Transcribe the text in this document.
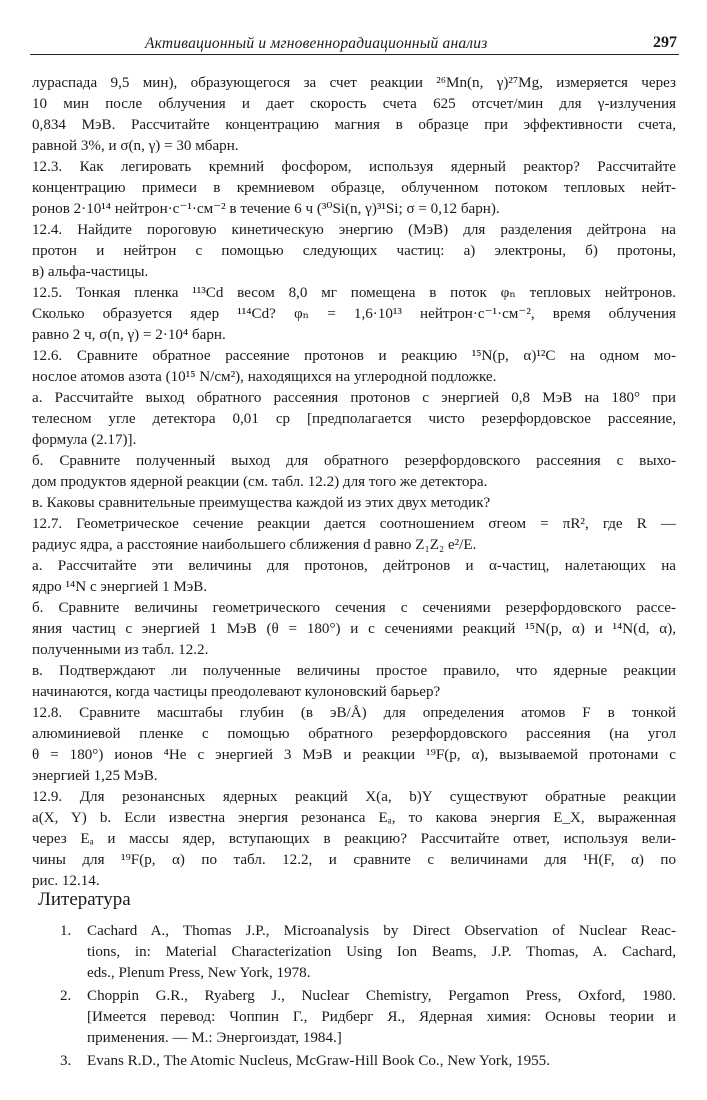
Активационный и мгновеннорадиационный анализ	297
лураспада 9,5 мин), образующегося за счет реакции ²⁶Mn(n, γ)²⁷Mg, измеряется через
10 мин после облучения и дает скорость счета 625 отсчет/мин для γ-излучения
0,834 МэВ. Рассчитайте концентрацию магния в образце при эффективности счета,
равной 3%, и σ(n, γ) = 30 мбарн.
12.3. Как легировать кремний фосфором, используя ядерный реактор? Рассчитайте
концентрацию примеси в кремниевом образце, облученном потоком тепловых нейт-
ронов 2·10¹⁴ нейтрон·с⁻¹·см⁻² в течение 6 ч (³⁰Si(n, γ)³¹Si; σ = 0,12 барн).
12.4. Найдите пороговую кинетическую энергию (МэВ) для разделения дейтрона на
протон и нейтрон с помощью следующих частиц: а) электроны, б) протоны,
в) альфа-частицы.
12.5. Тонкая пленка ¹¹³Cd весом 8,0 мг помещена в поток φₙ тепловых нейтронов.
Сколько образуется ядер ¹¹⁴Cd? φₙ = 1,6·10¹³ нейтрон·с⁻¹·см⁻², время облучения
равно 2 ч, σ(n, γ) = 2·10⁴ барн.
12.6. Сравните обратное рассеяние протонов и реакцию ¹⁵N(p, α)¹²C на одном мо-
нослое атомов азота (10¹⁵ N/см²), находящихся на углеродной подложке.
а. Рассчитайте выход обратного рассеяния протонов с энергией 0,8 МэВ на 180° при
телесном угле детектора 0,01 ср [предполагается чисто резерфордовское рассеяние,
формула (2.17)].
б. Сравните полученный выход для обратного резерфордовского рассеяния с выхо-
дом продуктов ядерной реакции (см. табл. 12.2) для того же детектора.
в. Каковы сравнительные преимущества каждой из этих двух методик?
12.7. Геометрическое сечение реакции дается соотношением σгеом = πR², где R —
радиус ядра, а расстояние наибольшего сближения d равно Z₁Z₂ e²/E.
а. Рассчитайте эти величины для протонов, дейтронов и α-частиц, налетающих на
ядро ¹⁴N с энергией 1 МэВ.
б. Сравните величины геометрического сечения с сечениями резерфордовского рассе-
яния частиц с энергией 1 МэВ (θ = 180°) и с сечениями реакций ¹⁵N(p, α) и ¹⁴N(d, α),
полученными из табл. 12.2.
в. Подтверждают ли полученные величины простое правило, что ядерные реакции
начинаются, когда частицы преодолевают кулоновский барьер?
12.8. Сравните масштабы глубин (в эВ/Å) для определения атомов F в тонкой
алюминиевой пленке с помощью обратного резерфордовского рассеяния (на угол
θ = 180°) ионов ⁴He с энергией 3 МэВ и реакции ¹⁹F(p, α), вызываемой протонами с
энергией 1,25 МэВ.
12.9. Для резонансных ядерных реакций X(a, b)Y существуют обратные реакции
a(X, Y) b. Если известна энергия резонанса Eₐ, то какова энергия E_X, выраженная
через Eₐ и массы ядер, вступающих в реакцию? Рассчитайте ответ, используя вели-
чины для ¹⁹F(p, α) по табл. 12.2, и сравните с величинами для ¹H(F, α) по
рис. 12.14.
Литература
1. Cachard A., Thomas J.P., Microanalysis by Direct Observation of Nuclear Reac-
tions, in: Material Characterization Using Ion Beams, J.P. Thomas, A. Cachard,
eds., Plenum Press, New York, 1978.
2. Choppin G.R., Ryaberg J., Nuclear Chemistry, Pergamon Press, Oxford, 1980.
[Имеется перевод: Чоппин Г., Ридберг Я., Ядерная химия: Основы теории и
применения. — М.: Энергоиздат, 1984.]
3. Evans R.D., The Atomic Nucleus, McGraw-Hill Book Co., New York, 1955.
